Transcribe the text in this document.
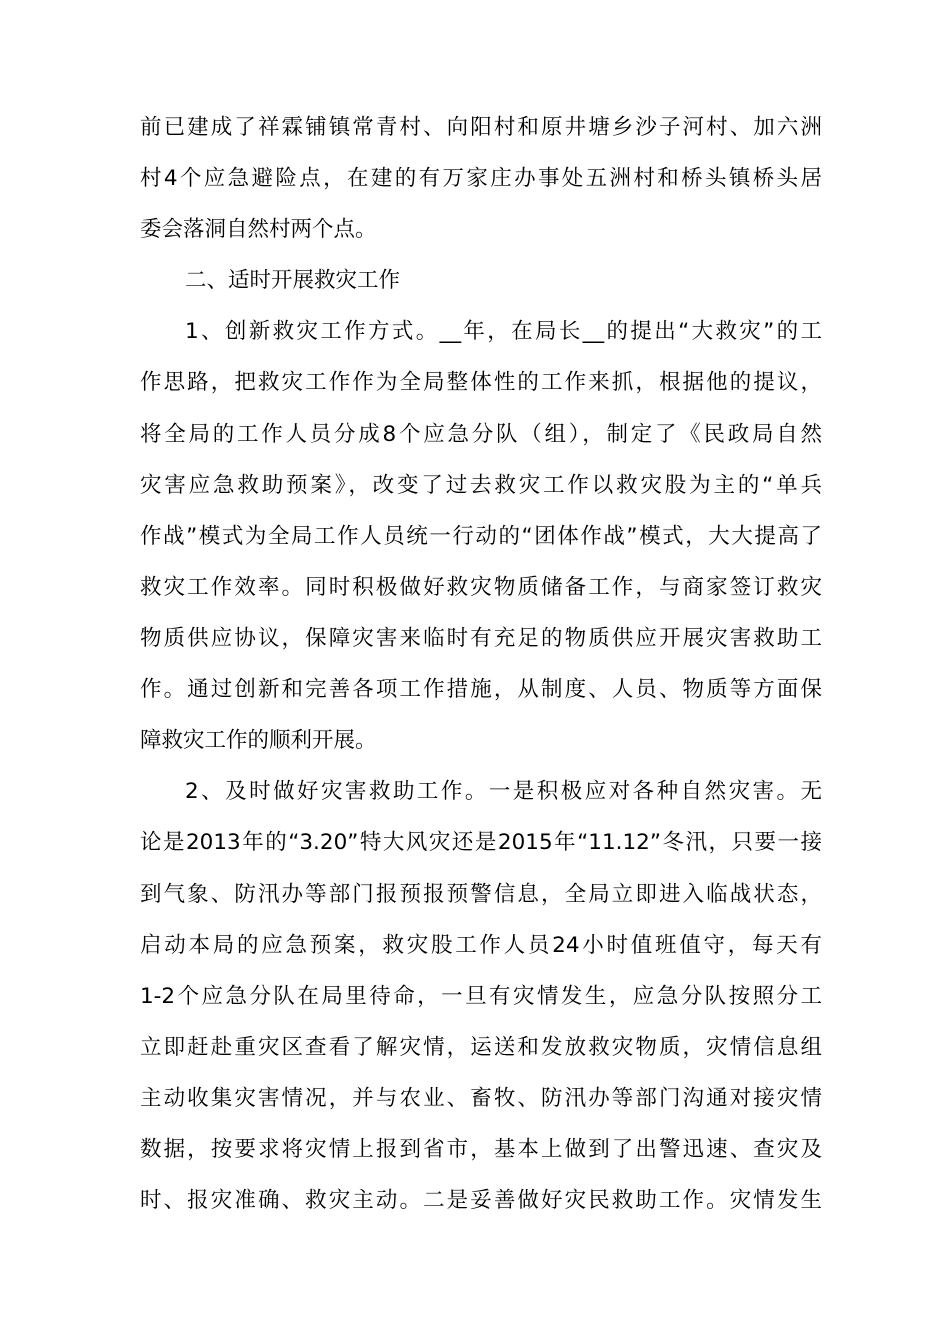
前已建成了祥霖铺镇常青村、向阳村和原井塘乡沙子河村、加六洲
村4个应急避险点，在建的有万家庄办事处五洲村和桥头镇桥头居
委会落洞自然村两个点。
二、适时开展救灾工作
1、创新救灾工作方式。__年，在局长__的提出“大救灾”的工
作思路，把救灾工作作为全局整体性的工作来抓，根据他的提议，
将全局的工作人员分成8个应急分队（组），制定了《民政局自然
灾害应急救助预案》，改变了过去救灾工作以救灾股为主的“单兵
作战”模式为全局工作人员统一行动的“团体作战”模式，大大提高了
救灾工作效率。同时积极做好救灾物质储备工作，与商家签订救灾
物质供应协议，保障灾害来临时有充足的物质供应开展灾害救助工
作。通过创新和完善各项工作措施，从制度、人员、物质等方面保
障救灾工作的顺利开展。
2、及时做好灾害救助工作。一是积极应对各种自然灾害。无
论是2013年的“3.20”特大风灾还是2015年“11.12”冬汛，只要一接
到气象、防汛办等部门报预报预警信息，全局立即进入临战状态，
启动本局的应急预案，救灾股工作人员24小时值班值守，每天有
1-2个应急分队在局里待命，一旦有灾情发生，应急分队按照分工
立即赶赴重灾区查看了解灾情，运送和发放救灾物质，灾情信息组
主动收集灾害情况，并与农业、畜牧、防汛办等部门沟通对接灾情
数据，按要求将灾情上报到省市，基本上做到了出警迅速、查灾及
时、报灾准确、救灾主动。二是妥善做好灾民救助工作。灾情发生
